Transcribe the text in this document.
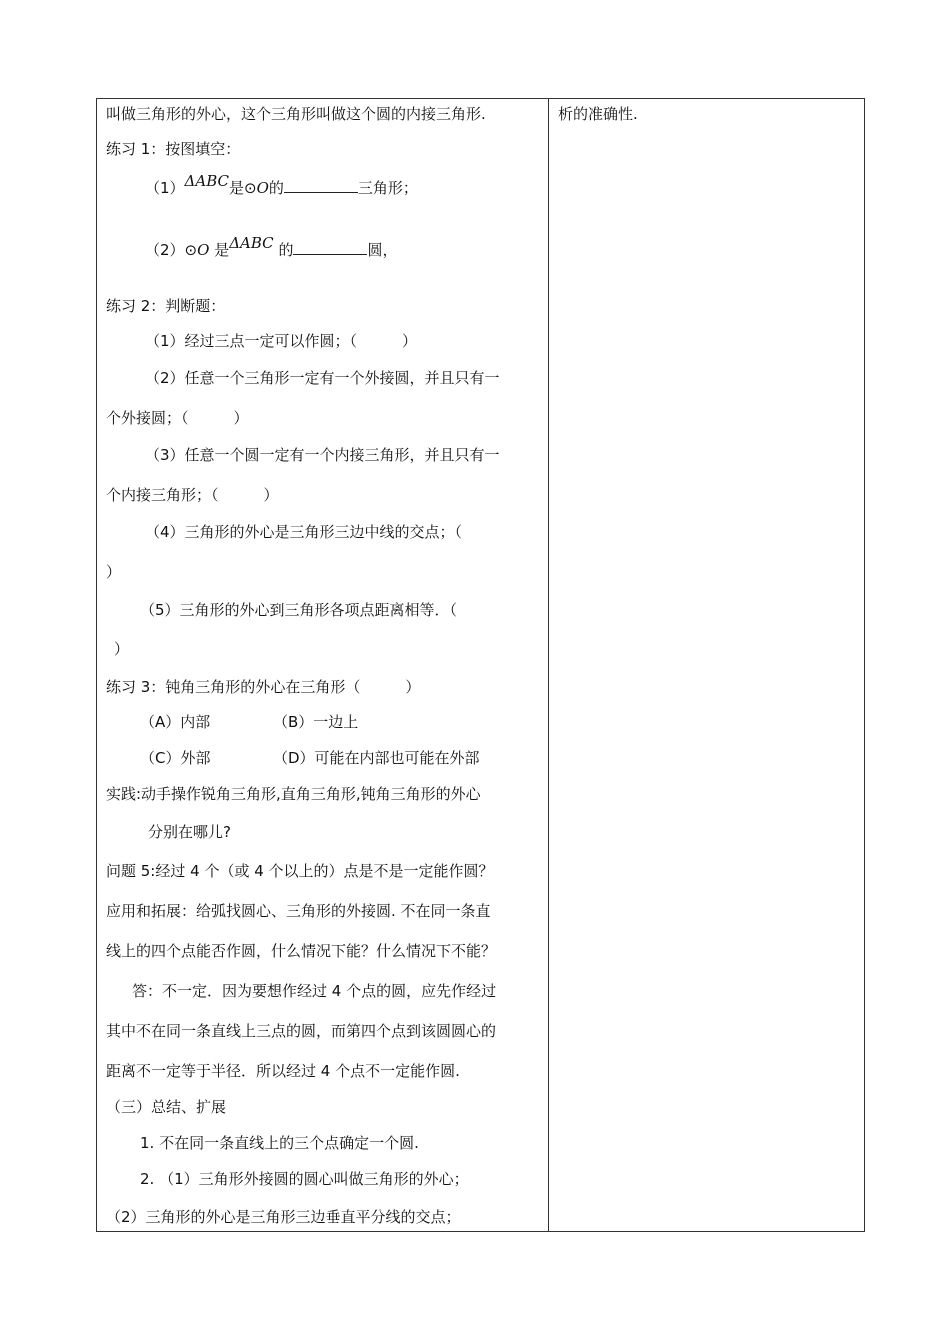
叫做三角形的外心，这个三角形叫做这个圆的内接三角形.	析的准确性.
练习 1：按图填空：
（1）ΔABC是⊙O的	三角形；
（2）⊙O 是ΔABC 的	圆，
练习 2：判断题：
（1）经过三点一定可以作圆；（　　　）
（2）任意一个三角形一定有一个外接圆，并且只有一
个外接圆；（　　　）
（3）任意一个圆一定有一个内接三角形，并且只有一
个内接三角形；（　　　）
（4）三角形的外心是三角形三边中线的交点；（
）
（5）三角形的外心到三角形各项点距离相等．（
）
练习 3：钝角三角形的外心在三角形（　　　）
（A）内部	（B）一边上
（C）外部	（D）可能在内部也可能在外部
实践:动手操作锐角三角形,直角三角形,钝角三角形的外心
分别在哪儿?
问题 5:经过 4 个（或 4 个以上的）点是不是一定能作圆？
应用和拓展：给弧找圆心、三角形的外接圆. 不在同一条直
线上的四个点能否作圆，什么情况下能？什么情况下不能？
答：不一定．因为要想作经过 4 个点的圆，应先作经过
其中不在同一条直线上三点的圆，而第四个点到该圆圆心的
距离不一定等于半径．所以经过 4 个点不一定能作圆.
（三）总结、扩展
1. 不在同一条直线上的三个点确定一个圆.
2. （1）三角形外接圆的圆心叫做三角形的外心；
（2）三角形的外心是三角形三边垂直平分线的交点；
